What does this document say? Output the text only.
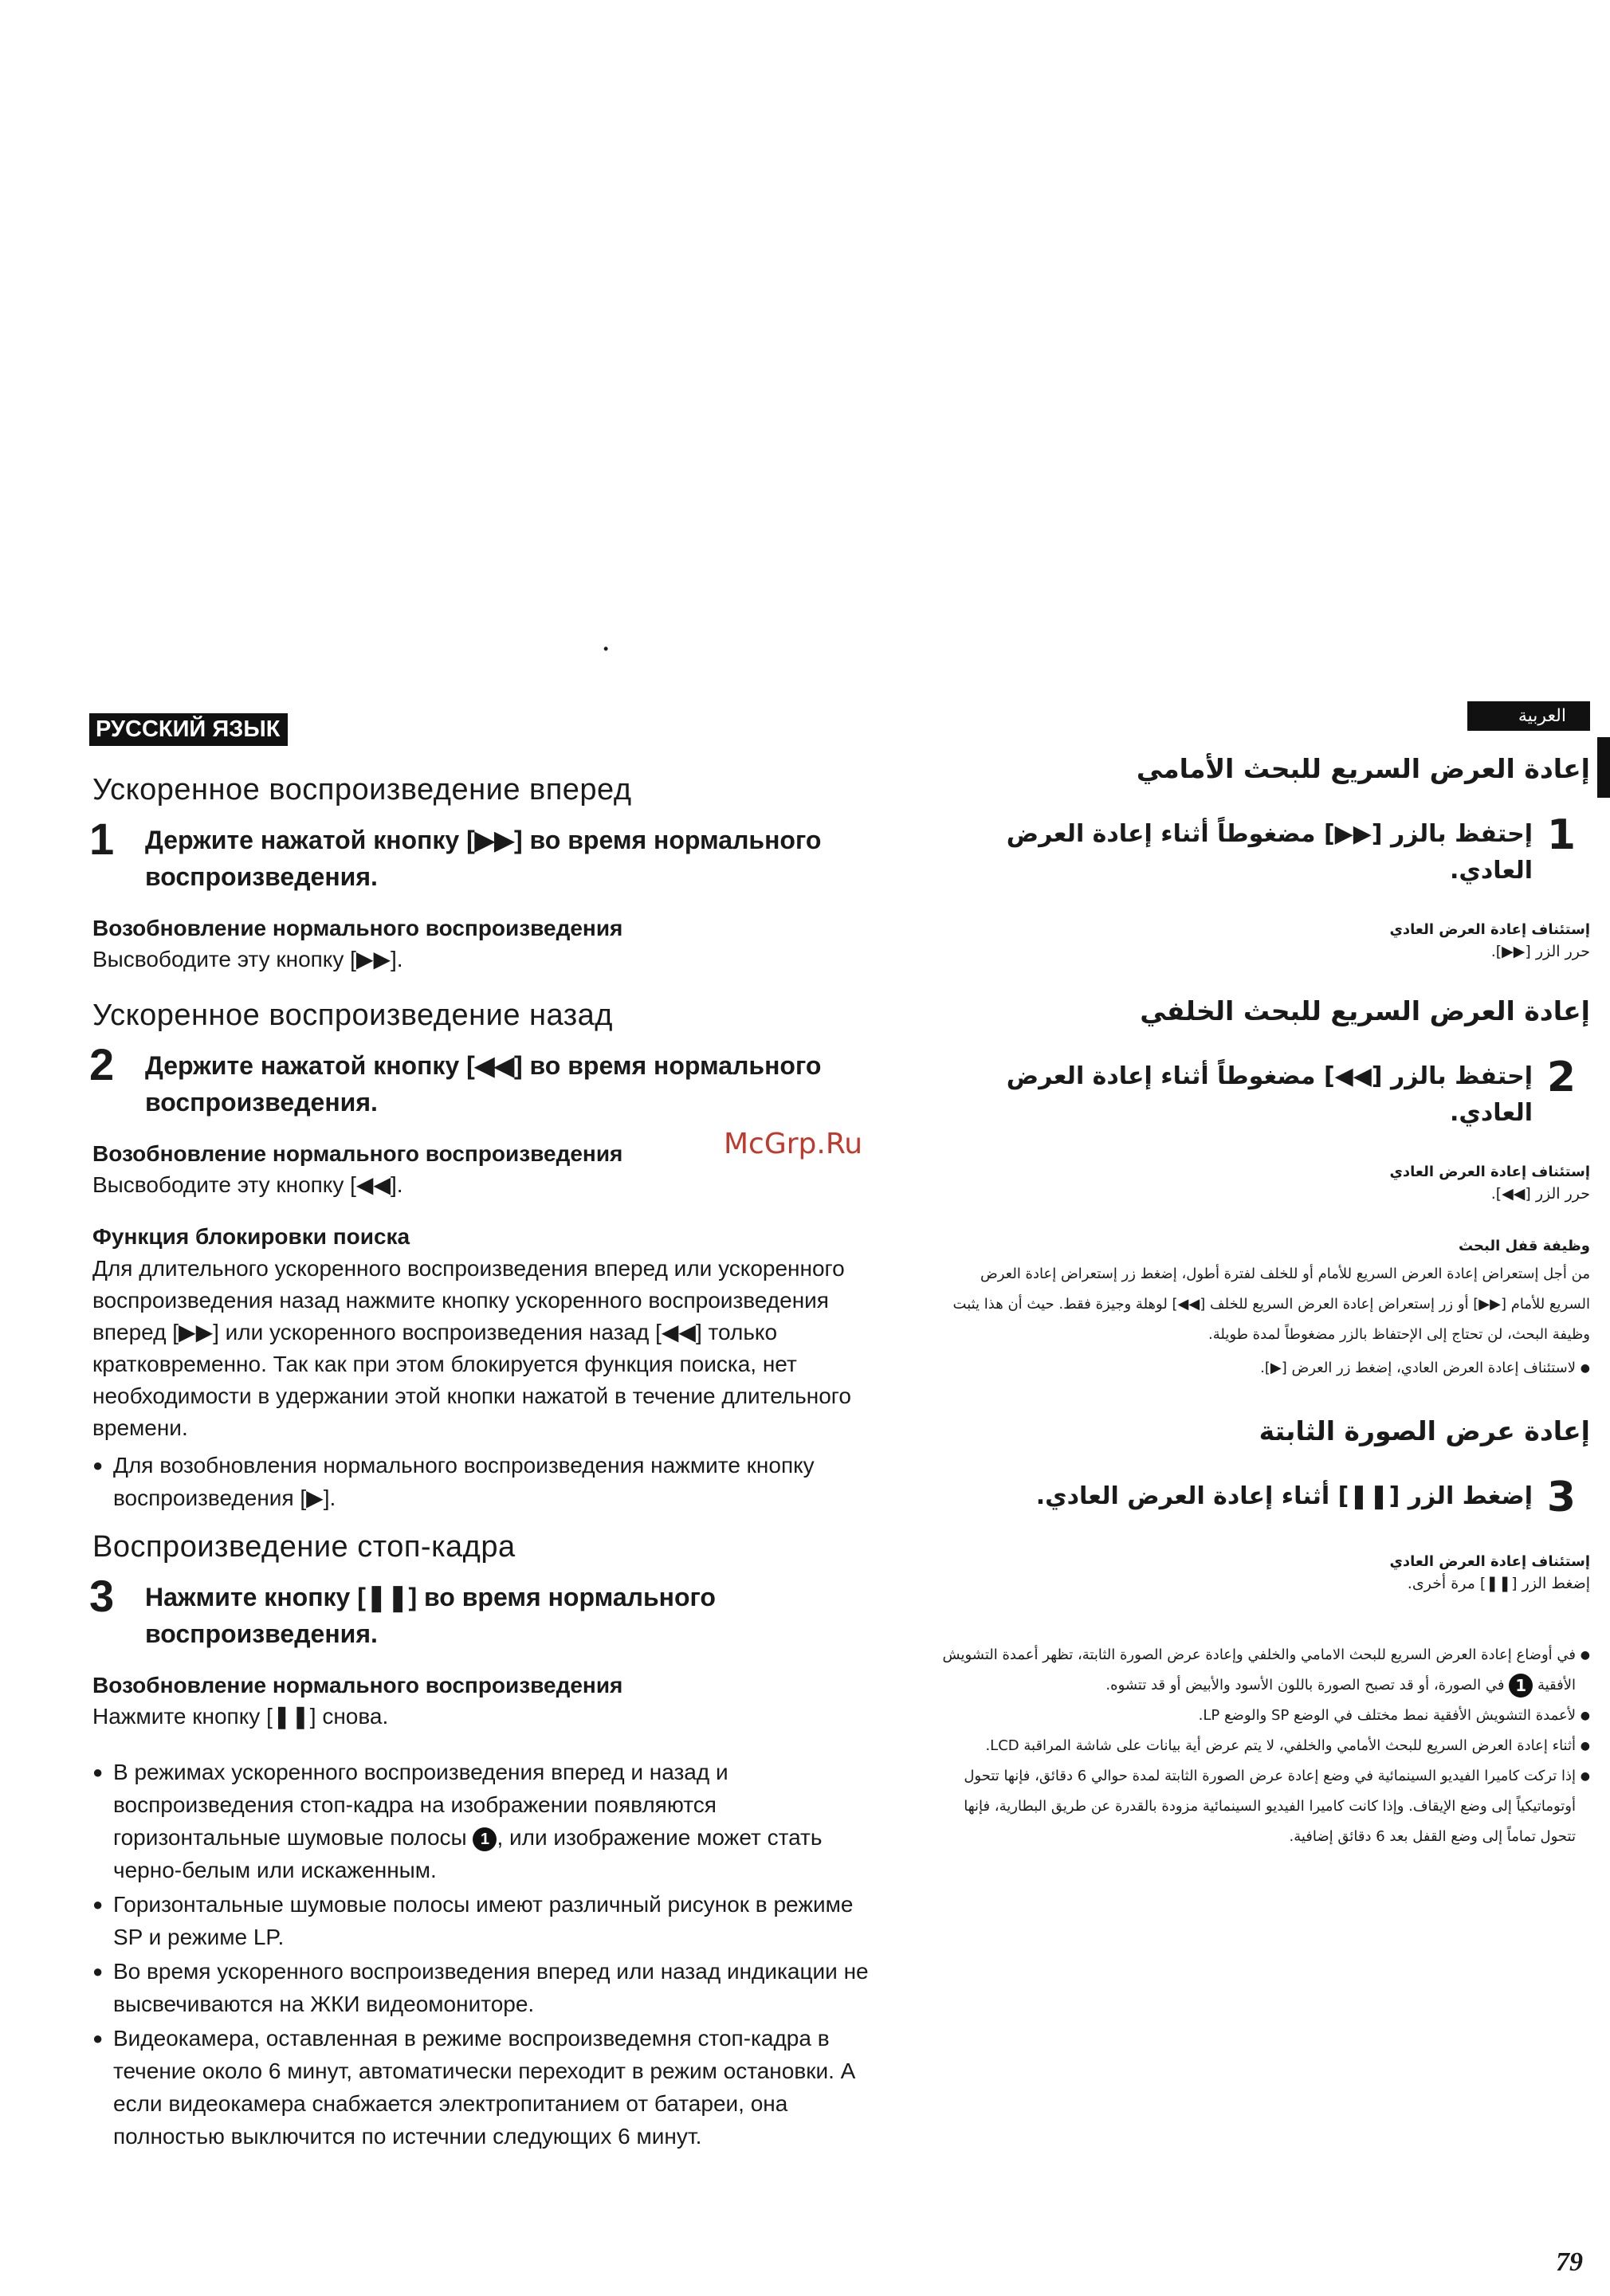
•
РУССКИЙ ЯЗЫК
Ускоренное воспроизведение вперед
1	Держите нажатой кнопку [▶▶] во время нормального воспроизведения.
Возобновление нормального воспроизведения
Высвободите эту кнопку [▶▶].
Ускоренное воспроизведение назад
2	Держите нажатой кнопку [◀◀] во время нормального воспроизведения.
Возобновление нормального воспроизведения
Высвободите эту кнопку [◀◀].
Функция блокировки поиска
Для длительного ускоренного воспроизведения вперед или ускоренного воспроизведения назад нажмите кнопку ускоренного воспроизведения вперед [▶▶] или ускоренного воспроизведения назад [◀◀] только кратковременно. Так как при этом блокируется функция поиска, нет необходимости в удержании этой кнопки нажатой в течение длительного времени.
● Для возобновления нормального воспроизведения нажмите кнопку воспроизведения [▶].
Воспроизведение стоп-кадра
3	Нажмите кнопку [❚❚] во время нормального воспроизведения.
Возобновление нормального воспроизведения
Нажмите кнопку [❚❚] снова.
● В режимах ускоренного воспроизведения вперед и назад и воспроизведения стоп-кадра на изображении появляются горизонтальные шумовые полосы 1 , или изображение может стать черно-белым или искаженным.
● Горизонтальные шумовые полосы имеют различный рисунок в режиме SP и режиме LP.
● Во время ускоренного воспроизведения вперед или назад индикации не высвечиваются на ЖКИ видеомониторе.
● Видеокамера, оставленная в режиме воспроизведемня стоп-кадра в течение около 6 минут, автоматически переходит в режим остановки. А если видеокамера снабжается электропитанием от батареи, она полностью выключится по истечнии следующих 6 минут.
العربية
إعادة العرض السريع للبحث الأمامي
1
إحتفظ بالزر [▶▶] مضغوطاً أثناء إعادة العرض العادي.
إستئناف إعادة العرض العادي
حرر الزر [▶▶].
إعادة العرض السريع للبحث الخلفي
2
إحتفظ بالزر [◀◀] مضغوطاً أثناء إعادة العرض العادي.
إستئناف إعادة العرض العادي
حرر الزر [◀◀].
وظيفة قفل البحث
من أجل إستعراض إعادة العرض السريع للأمام أو للخلف لفترة أطول، إضغط زر إستعراض إعادة العرض السريع للأمام [▶▶] أو زر إستعراض إعادة العرض السريع للخلف [◀◀] لوهلة وجيزة فقط. حيث أن هذا يثبت وظيفة البحث، لن تحتاج إلى الإحتفاظ بالزر مضغوطاً لمدة طويلة.
● لاستئناف إعادة العرض العادي، إضغط زر العرض [▶].
إعادة عرض الصورة الثابتة
3
إضغط الزر [❚❚] أثناء إعادة العرض العادي.
إستئناف إعادة العرض العادي
إضغط الزر [❚❚] مرة أخرى.
● في أوضاع إعادة العرض السريع للبحث الامامي والخلفي وإعادة عرض الصورة الثابتة، تظهر أعمدة التشويش الأفقية 1 في الصورة، أو قد تصبح الصورة باللون الأسود والأبيض أو قد تتشوه.
● لأعمدة التشويش الأفقية نمط مختلف في الوضع SP والوضع LP.
● أثناء إعادة العرض السريع للبحث الأمامي والخلفي، لا يتم عرض أية بيانات على شاشة المراقبة LCD.
● إذا تركت كاميرا الفيديو السينمائية في وضع إعادة عرض الصورة الثابتة لمدة حوالي 6 دقائق، فإنها تتحول أوتوماتيكياً إلى وضع الإيقاف. وإذا كانت كاميرا الفيديو السينمائية مزودة بالقدرة عن طريق البطارية، فإنها تتحول تماماً إلى وضع القفل بعد 6 دقائق إضافية.
McGrp.Ru
79
